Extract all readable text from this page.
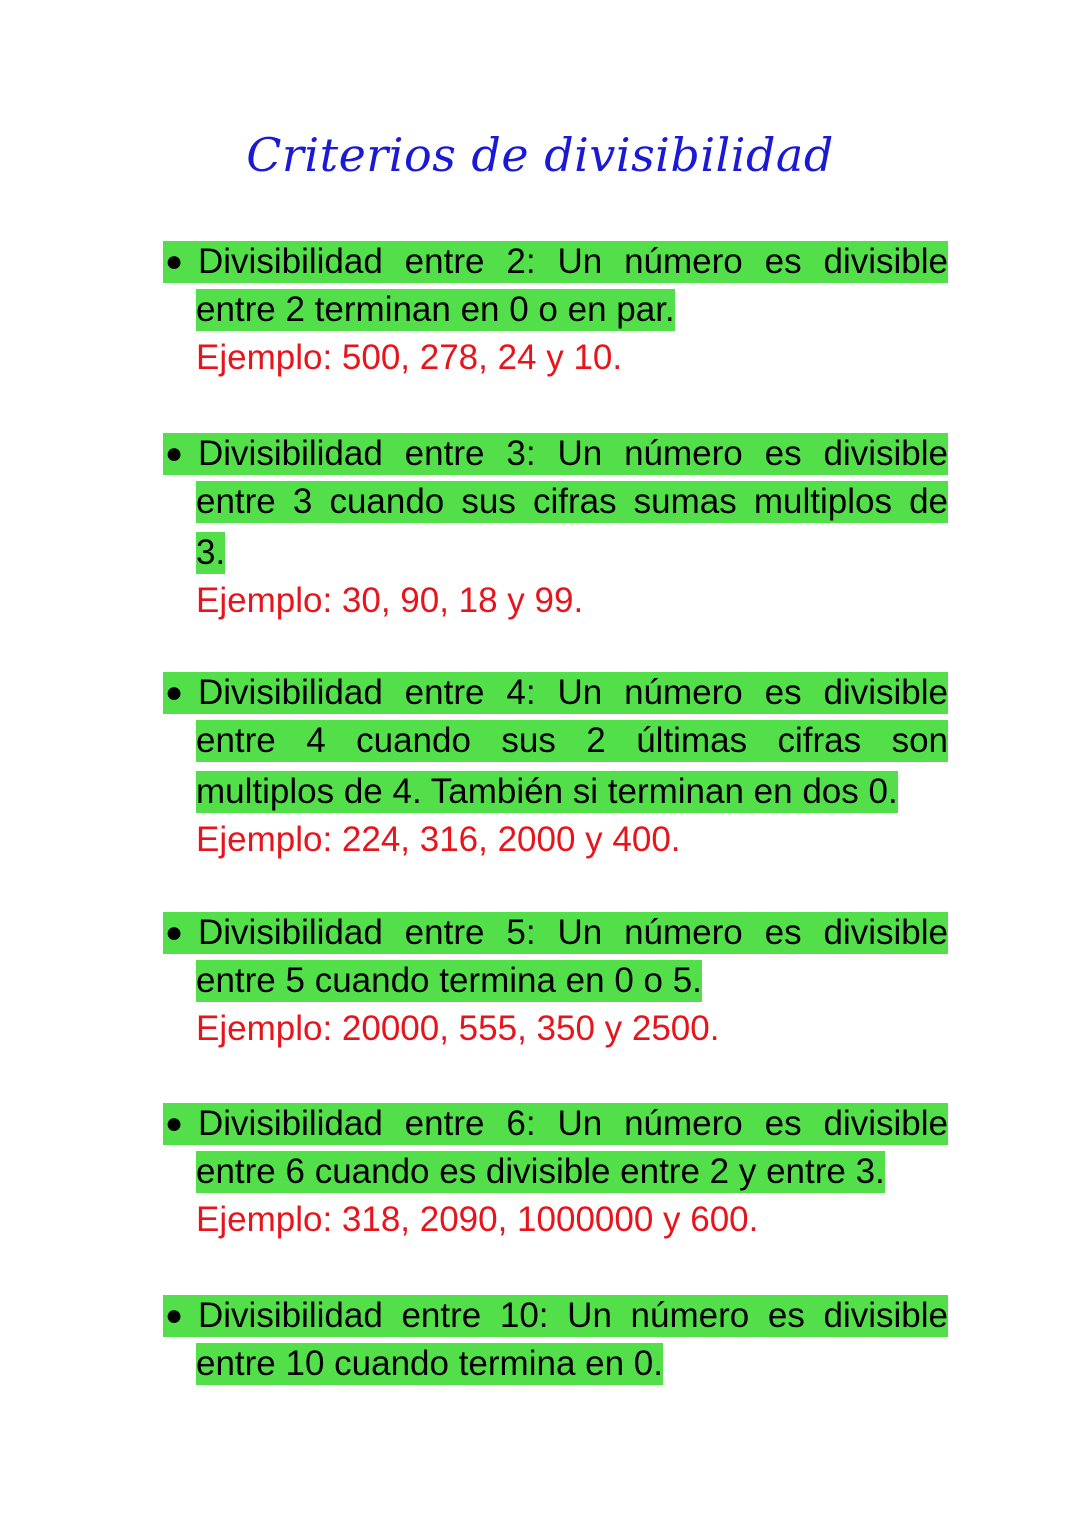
Criterios de divisibilidad
● Divisibilidad entre 2: Un número es divisible
entre 2 terminan en 0 o en par.
Ejemplo: 500, 278, 24 y 10.
● Divisibilidad entre 3: Un número es divisible
entre 3 cuando sus cifras sumas multiplos de
3.
Ejemplo: 30, 90, 18 y 99.
● Divisibilidad entre 4: Un número es divisible
entre 4 cuando sus 2 últimas cifras son
multiplos de 4. También si terminan en dos 0.
Ejemplo: 224, 316, 2000 y 400.
● Divisibilidad entre 5: Un número es divisible
entre 5 cuando termina en 0 o 5.
Ejemplo: 20000, 555, 350 y 2500.
● Divisibilidad entre 6: Un número es divisible
entre 6 cuando es divisible entre 2 y entre 3.
Ejemplo: 318, 2090, 1000000 y 600.
● Divisibilidad entre 10: Un número es divisible
entre 10 cuando termina en 0.
